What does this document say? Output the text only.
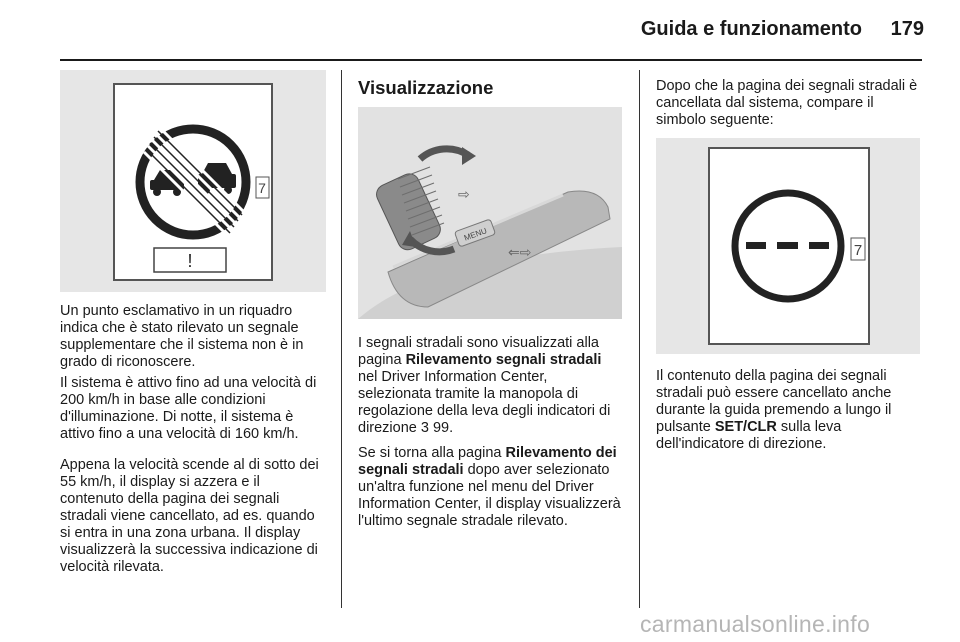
Guida e funzionamento	179
!
7

Un punto esclamativo in un riquadro indica che è stato rilevato un segnale supplementare che il sistema non è in grado di riconoscere.

Il sistema è attivo fino ad una velocità di 200 km/h in base alle condizioni d'illuminazione. Di notte, il sistema è attivo fino a una velocità di 160 km/h.

Appena la velocità scende al di sotto dei 55 km/h, il display si azzera e il contenuto della pagina dei segnali stradali viene cancellato, ad es. quando si entra in una zona urbana. Il display visualizzerà la successiva indicazione di velocità rilevata.

Visualizzazione
MENU
⇐⇨
⇨

I segnali stradali sono visualizzati alla pagina Rilevamento segnali stradali nel Driver Information Center, selezionata tramite la manopola di regolazione della leva degli indicatori di direzione 3 99.

Se si torna alla pagina Rilevamento dei segnali stradali dopo aver selezionato un'altra funzione nel menu del Driver Information Center, il display visualizzerà l'ultimo segnale stradale rilevato.

Dopo che la pagina dei segnali stradali è cancellata dal sistema, compare il simbolo seguente:

7

Il contenuto della pagina dei segnali stradali può essere cancellato anche durante la guida premendo a lungo il pulsante SET/CLR sulla leva dell'indicatore di direzione.

carmanualsonline.info
